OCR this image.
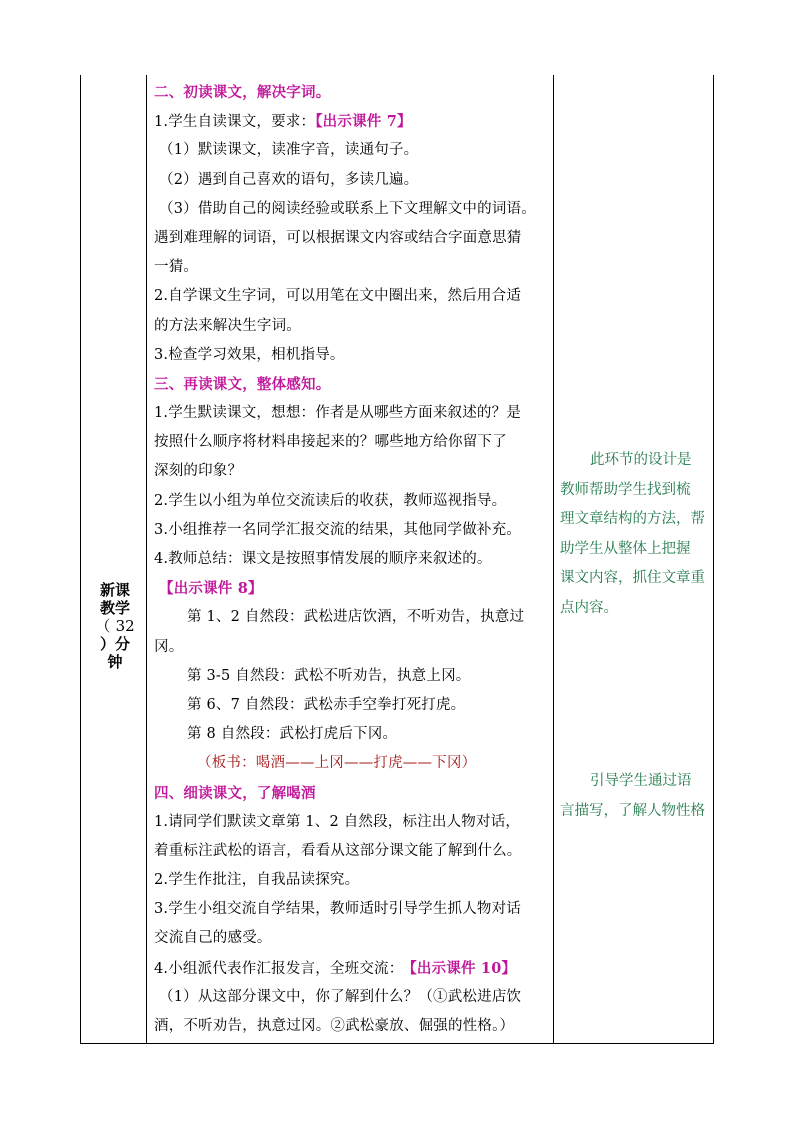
新课教学
（ 32 ）分钟
二、初读课文，解决字词。
1.学生自读课文，要求：【出示课件 7】
（1）默读课文，读准字音，读通句子。
（2）遇到自己喜欢的语句，多读几遍。
（3）借助自己的阅读经验或联系上下文理解文中的词语。
遇到难理解的词语，可以根据课文内容或结合字面意思猜
一猜。
2.自学课文生字词，可以用笔在文中圈出来，然后用合适
的方法来解决生字词。
3.检查学习效果，相机指导。
三、再读课文，整体感知。
1.学生默读课文，想想：作者是从哪些方面来叙述的？是
按照什么顺序将材料串接起来的？哪些地方给你留下了
深刻的印象？
2.学生以小组为单位交流读后的收获，教师巡视指导。
3.小组推荐一名同学汇报交流的结果，其他同学做补充。
4.教师总结：课文是按照事情发展的顺序来叙述的。
【出示课件 8】
第 1、2 自然段：武松进店饮酒，不听劝告，执意过
冈。
第 3-5 自然段：武松不听劝告，执意上冈。
第 6、7 自然段：武松赤手空拳打死打虎。
第 8 自然段：武松打虎后下冈。
（板书：喝酒——上冈——打虎——下冈）
四、细读课文，了解喝酒
1.请同学们默读文章第 1、2 自然段，标注出人物对话，
着重标注武松的语言，看看从这部分课文能了解到什么。
2.学生作批注，自我品读探究。
3.学生小组交流自学结果，教师适时引导学生抓人物对话
交流自己的感受。
4.小组派代表作汇报发言，全班交流： 【出示课件 10】
（1）从这部分课文中，你了解到什么？（①武松进店饮
酒，不听劝告，执意过冈。②武松豪放、倔强的性格。）
此环节的设计是
教师帮助学生找到梳
理文章结构的方法，帮
助学生从整体上把握
课文内容，抓住文章重
点内容。
引导学生通过语
言描写，了解人物性格
